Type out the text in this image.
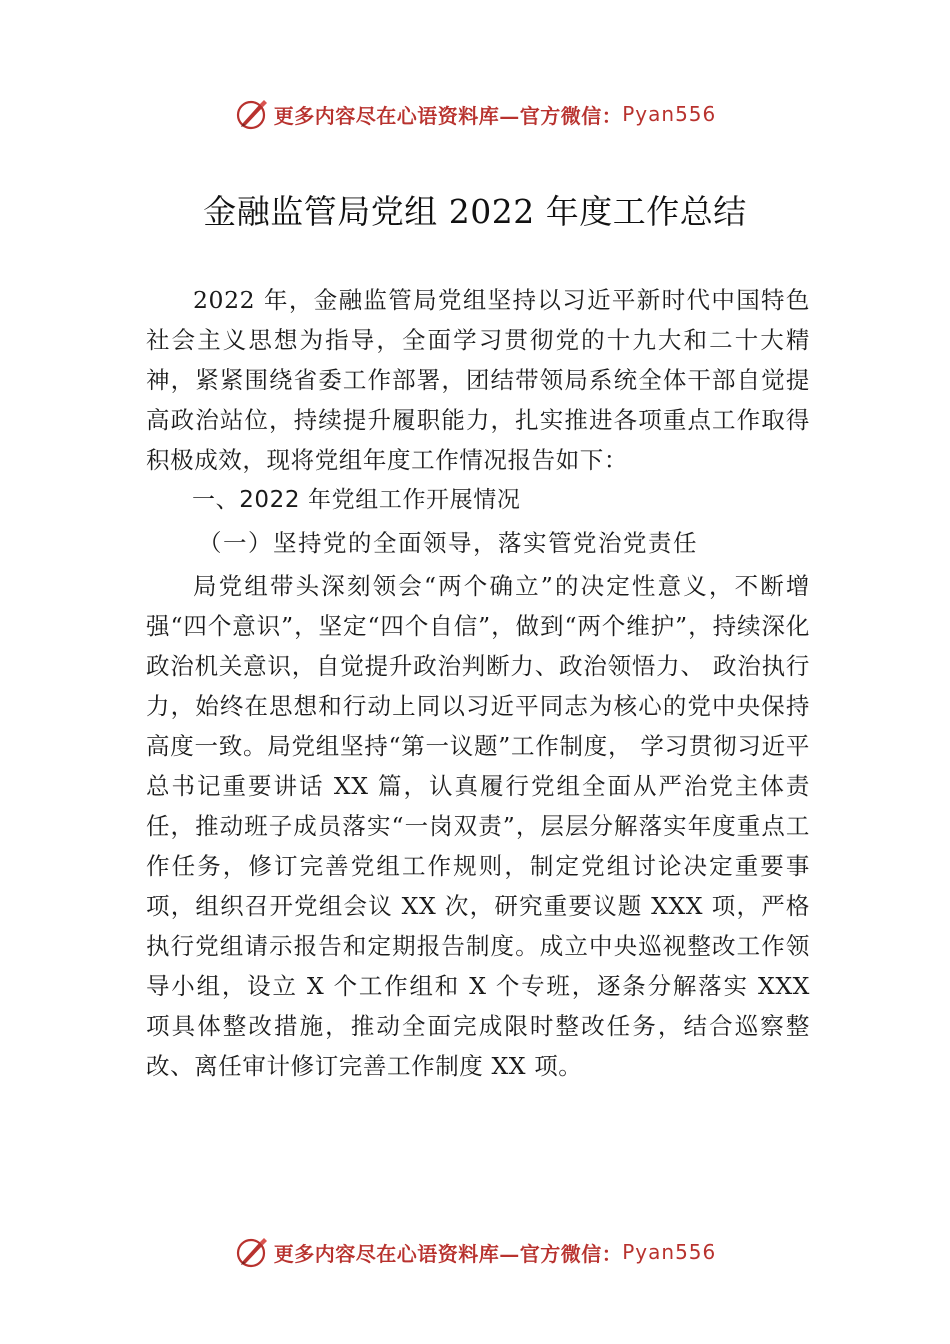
更多内容尽在心语资料库—官方微信： Pyan556
金融监管局党组 2022 年度工作总结

2022 年，金融监管局党组坚持以习近平新时代中国特色社会主义思想为指导，全面学习贯彻党的十九大和二十大精神，紧紧围绕省委工作部署，团结带领局系统全体干部自觉提高政治站位，持续提升履职能力，扎实推进各项重点工作取得积极成效，现将党组年度工作情况报告如下：

一、2022 年党组工作开展情况
（一）坚持党的全面领导，落实管党治党责任

局党组带头深刻领会“两个确立”的决定性意义，不断增强“四个意识”，坚定“四个自信”，做到“两个维护”，持续深化政治机关意识，自觉提升政治判断力、政治领悟力、 政治执行力，始终在思想和行动上同以习近平同志为核心的党中央保持高度一致。局党组坚持“第一议题”工作制度， 学习贯彻习近平总书记重要讲话 XX 篇，认真履行党组全面从严治党主体责任，推动班子成员落实“一岗双责”，层层分解落实年度重点工作任务，修订完善党组工作规则，制定党组讨论决定重要事项，组织召开党组会议 XX 次，研究重要议题 XXX 项，严格执行党组请示报告和定期报告制度。成立中央巡视整改工作领导小组，设立 X 个工作组和 X 个专班，逐条分解落实 XXX 项具体整改措施，推动全面完成限时整改任务，结合巡察整改、离任审计修订完善工作制度 XX 项。

更多内容尽在心语资料库—官方微信： Pyan556
